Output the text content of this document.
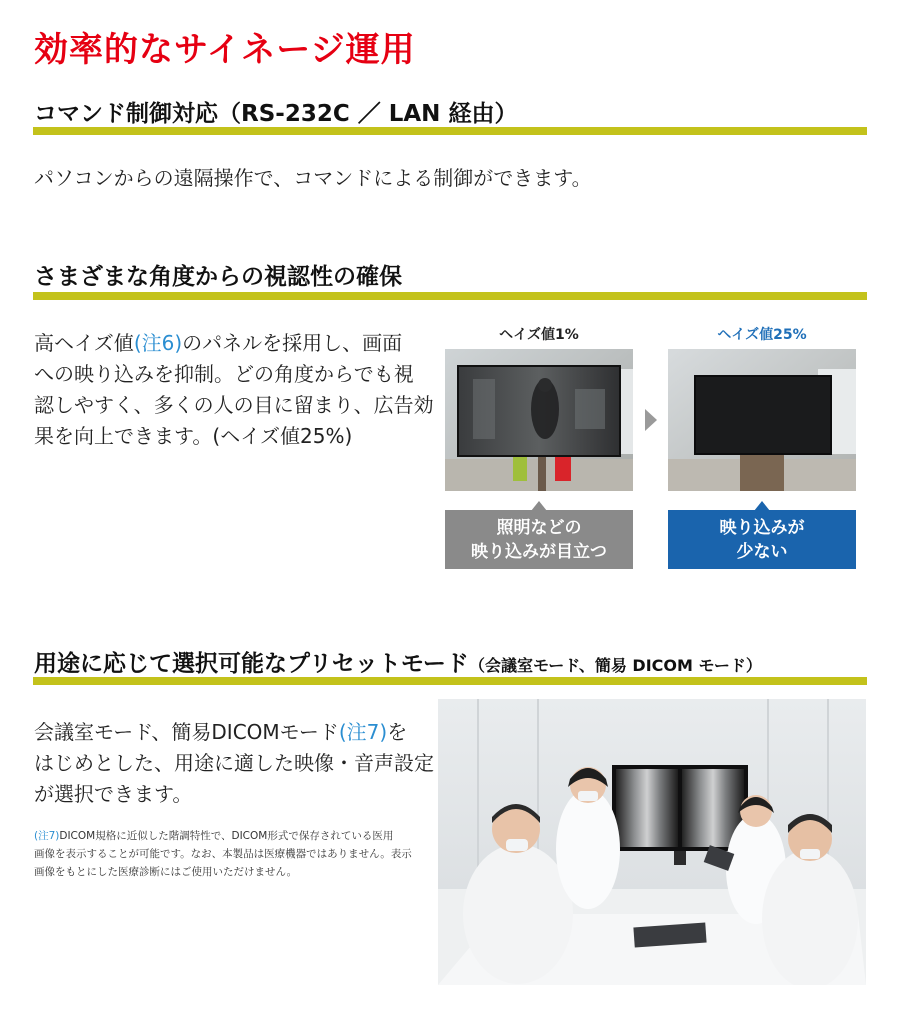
効率的なサイネージ運用
コマンド制御対応（RS-232C ／ LAN 経由）
パソコンからの遠隔操作で、コマンドによる制御ができます。
さまざまな角度からの視認性の確保
高ヘイズ値(注6)のパネルを採用し、画面
への映り込みを抑制。どの角度からでも視
認しやすく、多くの人の目に留まり、広告効
果を向上できます。(ヘイズ値25%)
ヘイズ値1%	ヘイズ値25%
照明などの
映り込みが目立つ
映り込みが
少ない
用途に応じて選択可能なプリセットモード（会議室モード、簡易 DICOM モード）
会議室モード、簡易DICOMモード(注7)を
はじめとした、用途に適した映像・音声設定
が選択できます。
(注7)DICOM規格に近似した階調特性で、DICOM形式で保存されている医用
画像を表示することが可能です。なお、本製品は医療機器ではありません。表示
画像をもとにした医療診断にはご使用いただけません。
